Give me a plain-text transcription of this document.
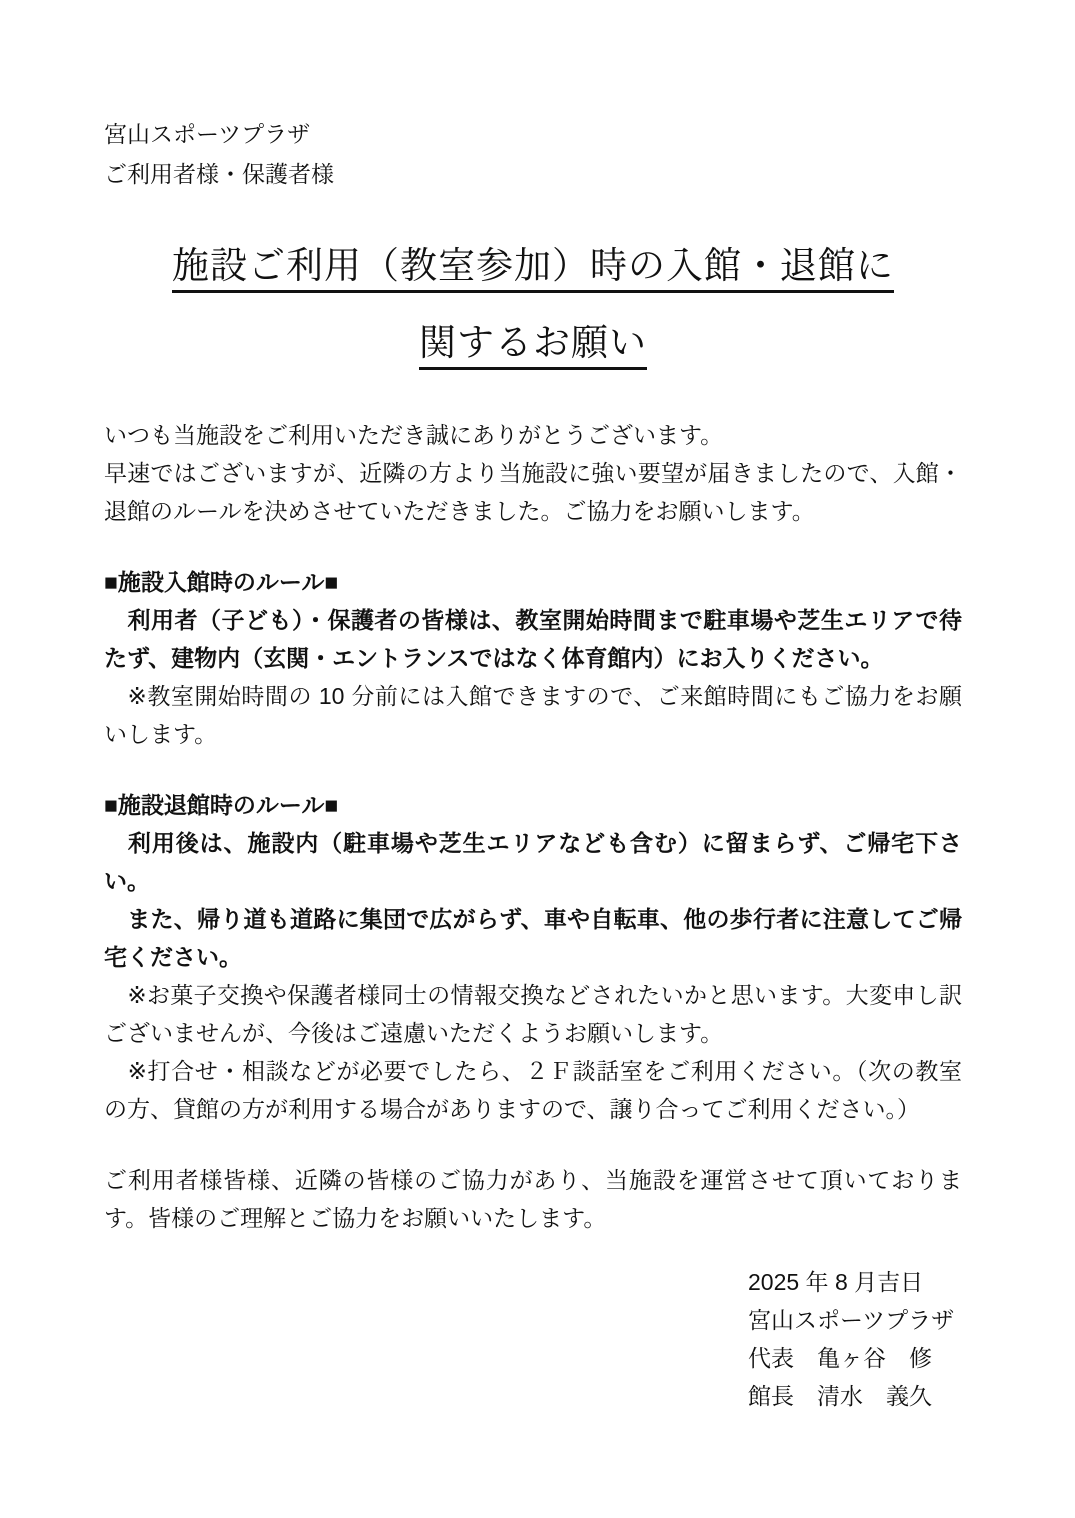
宮山スポーツプラザ
ご利用者様・保護者様
施設ご利用（教室参加）時の入館・退館に
関するお願い
いつも当施設をご利用いただき誠にありがとうございます。
早速ではございますが、近隣の方より当施設に強い要望が届きましたので、入館・
退館のルールを決めさせていただきました。ご協力をお願いします。
■施設入館時のルール■
　利用者（子ども）・保護者の皆様は、教室開始時間まで駐車場や芝生エリアで待
たず、建物内（玄関・エントランスではなく体育館内）にお入りください。
　※教室開始時間の 10 分前には入館できますので、ご来館時間にもご協力をお願
いします。
■施設退館時のルール■
　利用後は、施設内（駐車場や芝生エリアなども含む）に留まらず、ご帰宅下さ
い。
　また、帰り道も道路に集団で広がらず、車や自転車、他の歩行者に注意してご帰
宅ください。
　※お菓子交換や保護者様同士の情報交換などされたいかと思います。大変申し訳
ございませんが、今後はご遠慮いただくようお願いします。
　※打合せ・相談などが必要でしたら、２Ｆ談話室をご利用ください。（次の教室
の方、貸館の方が利用する場合がありますので、譲り合ってご利用ください。）
ご利用者様皆様、近隣の皆様のご協力があり、当施設を運営させて頂いておりま
す。皆様のご理解とご協力をお願いいたします。
2025 年 8 月吉日
宮山スポーツプラザ
代表　亀ヶ谷　修
館長　清水　義久
